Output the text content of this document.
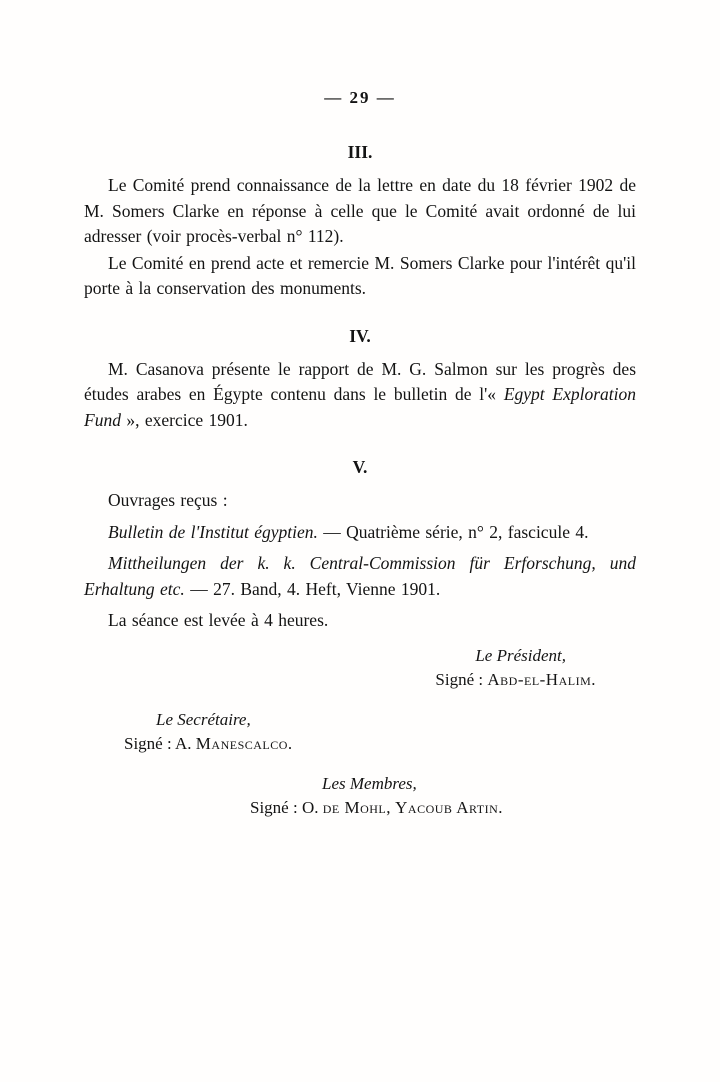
— 29 —
III.

Le Comité prend connaissance de la lettre en date du 18 février 1902 de M. Somers Clarke en réponse à celle que le Comité avait ordonné de lui adresser (voir procès-verbal n° 112).

Le Comité en prend acte et remercie M. Somers Clarke pour l'intérêt qu'il porte à la conservation des monuments.

IV.

M. Casanova présente le rapport de M. G. Salmon sur les progrès des études arabes en Égypte contenu dans le bulletin de l'« Egypt Exploration Fund », exercice 1901.

V.

Ouvrages reçus :

Bulletin de l'Institut égyptien. — Quatrième série, n° 2, fascicule 4.

Mittheilungen der k. k. Central-Commission für Erforschung, und Erhaltung etc. — 27. Band, 4. Heft, Vienne 1901.

La séance est levée à 4 heures.

Le Président,
Signé : Abd-el-Halim.
Le Secrétaire,
Signé : A. Manescalco.
Les Membres,
Signé : O. de Mohl, Yacoub Artin.
